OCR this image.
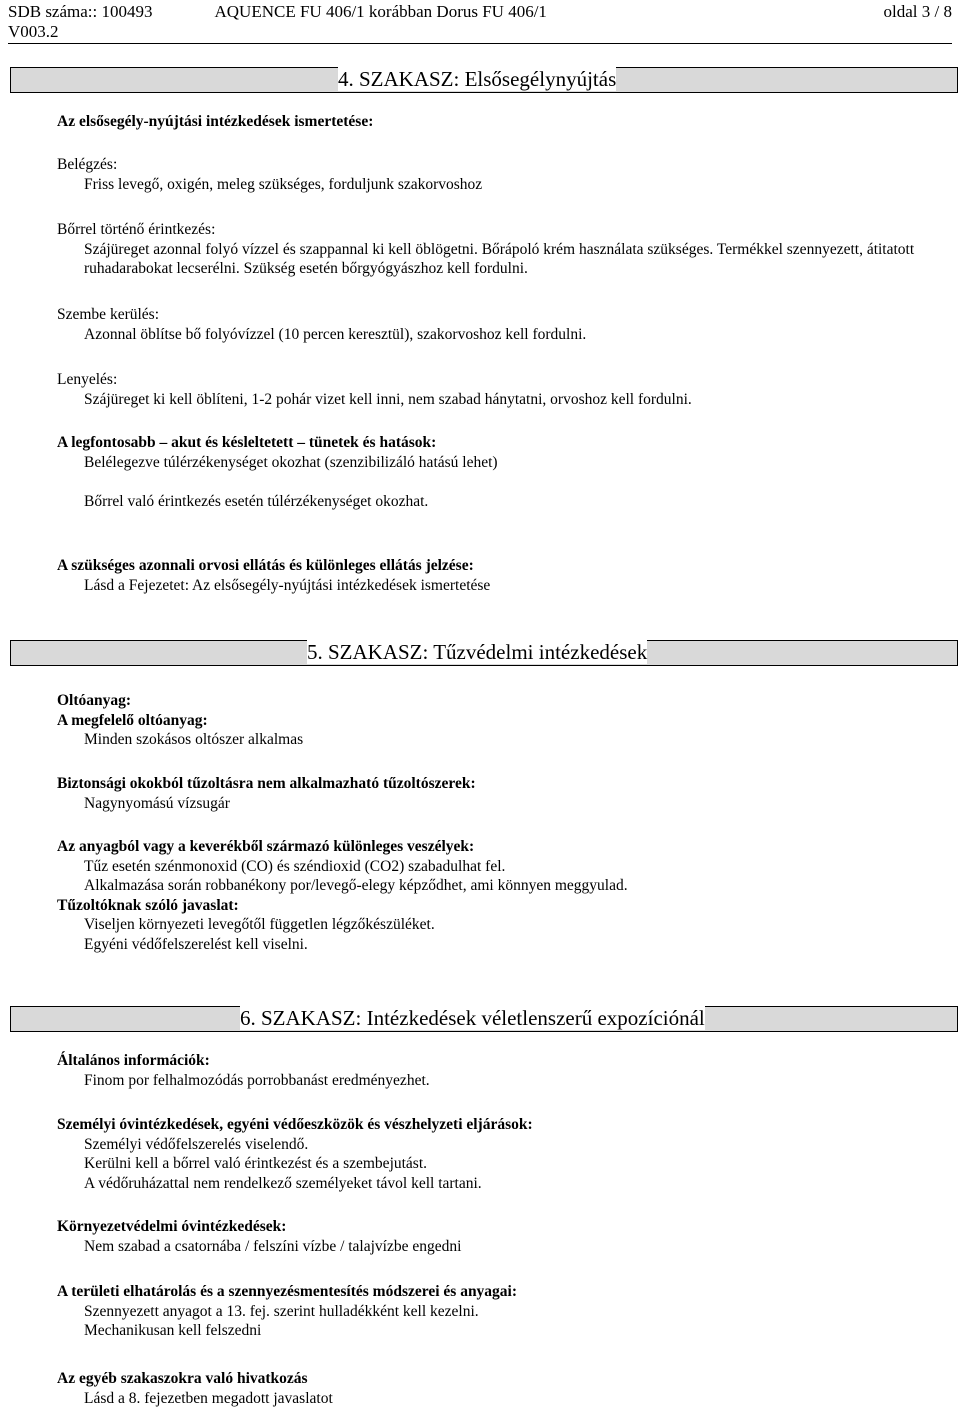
SDB száma:: 100493	AQUENCE FU 406/1 korábban Dorus FU 406/1	oldal 3 / 8
V003.2
4. SZAKASZ: Elsősegélynyújtás
Az elsősegély-nyújtási intézkedések ismertetése:
Belégzés:
Friss levegő, oxigén, meleg szükséges, forduljunk szakorvoshoz
Bőrrel történő érintkezés:
Szájüreget azonnal folyó vízzel és szappannal ki kell öblögetni. Bőrápoló krém használata szükséges. Termékkel szennyezett, átitatott ruhadarabokat lecserélni. Szükség esetén bőrgyógyászhoz kell fordulni.
Szembe kerülés:
Azonnal öblítse bő folyóvízzel (10 percen keresztül), szakorvoshoz kell fordulni.
Lenyelés:
Szájüreget ki kell öblíteni, 1-2 pohár vizet kell inni, nem szabad hánytatni, orvoshoz kell fordulni.
A legfontosabb – akut és késleltetett – tünetek és hatások:
Belélegezve túlérzékenységet okozhat (szenzibilizáló hatású lehet)
Bőrrel való érintkezés esetén túlérzékenységet okozhat.
A szükséges azonnali orvosi ellátás és különleges ellátás jelzése:
Lásd a Fejezetet: Az elsősegély-nyújtási intézkedések ismertetése
5. SZAKASZ: Tűzvédelmi intézkedések
Oltóanyag:
A megfelelő oltóanyag:
Minden szokásos oltószer alkalmas
Biztonsági okokból tűzoltásra nem alkalmazható tűzoltószerek:
Nagynyomású vízsugár
Az anyagból vagy a keverékből származó különleges veszélyek:
Tűz esetén szénmonoxid (CO) és széndioxid (CO2) szabadulhat fel.
Alkalmazása során robbanékony por/levegő-elegy képződhet, ami könnyen meggyulad.
Tűzoltóknak szóló javaslat:
Viseljen környezeti levegőtől független légzőkészüléket.
Egyéni védőfelszerelést kell viselni.
6. SZAKASZ: Intézkedések véletlenszerű expozíciónál
Általános információk:
Finom por felhalmozódás porrobbanást eredményezhet.
Személyi óvintézkedések, egyéni védőeszközök és vészhelyzeti eljárások:
Személyi védőfelszerelés viselendő.
Kerülni kell a bőrrel való érintkezést és a szembejutást.
A védőruházattal nem rendelkező személyeket távol kell tartani.
Környezetvédelmi óvintézkedések:
Nem szabad a csatornába / felszíni vízbe / talajvízbe engedni
A területi elhatárolás és a szennyezésmentesítés módszerei és anyagai:
Szennyezett anyagot a 13. fej. szerint hulladékként kell kezelni.
Mechanikusan kell felszedni
Az egyéb szakaszokra való hivatkozás
Lásd a 8. fejezetben megadott javaslatot
